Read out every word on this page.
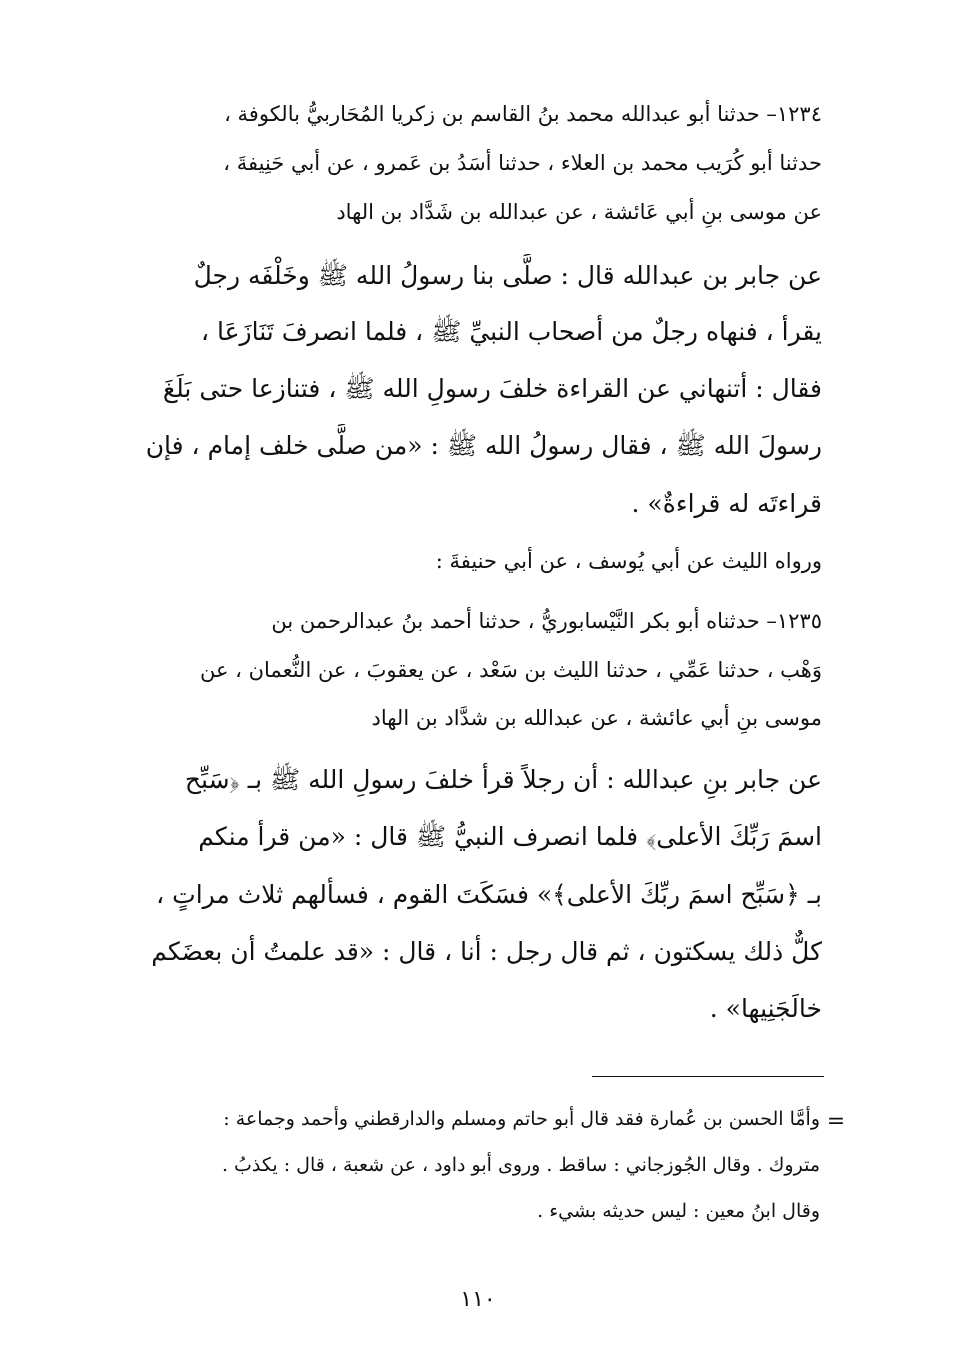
١٢٣٤– حدثنا أبو عبدالله محمد بنُ القاسم بن زكريا المُحَاربيُّ بالكوفة ،
حدثنا أبو كُرَيب محمد بن العلاء ، حدثنا أسَدُ بن عَمرو ، عن أبي حَنِيفةَ ،
عن موسى بنِ أبي عَائشة ، عن عبدالله بن شَدَّاد بن الهاد
عن جابر بن عبدالله قال : صلَّى بنا رسولُ الله ﷺ وخَلْفَه رجلٌ
يقرأ ، فنهاه رجلٌ من أصحاب النبيِّ ﷺ ، فلما انصرفَ تَنَازَعَا ،
فقال : أتنهاني عن القراءة خلفَ رسولِ الله ﷺ ، فتنازعا حتى بَلَغَ
رسولَ الله ﷺ ، فقال رسولُ الله ﷺ : «من صلَّى خلف إمام ، فإن
قراءتَه له قراءةٌ» .
ورواه الليث عن أبي يُوسف ، عن أبي حنيفةَ :
١٢٣٥– حدثناه أبو بكر النَّيْسابوريُّ ، حدثنا أحمد بنُ عبدالرحمن بن
وَهْب ، حدثنا عَمِّي ، حدثنا الليث بن سَعْد ، عن يعقوبَ ، عن النُّعمان ، عن
موسى بنِ أبي عائشة ، عن عبدالله بن شدَّاد بن الهاد
عن جابر بنِ عبدالله : أن رجلاً قرأ خلفَ رسولِ الله ﷺ بـ ﴿سَبِّح
اسمَ رَبِّكَ الأعلى﴾ فلما انصرف النبيُّ ﷺ قال : «من قرأ منكم
بـ ﴿سَبِّح اسمَ ربِّكَ الأعلى﴾» فسَكَتَ القوم ، فسألهم ثلاث مراتٍ ،
كلٌّ ذلك يسكتون ، ثم قال رجل : أنا ، قال : «قد علمتُ أن بعضَكم
خالَجَنِيها» .
=
وأمَّا الحسن بن عُمارة فقد قال أبو حاتم ومسلم والدارقطني وأحمد وجماعة :
متروك . وقال الجُوزجاني : ساقط . وروى أبو داود ، عن شعبة ، قال : يكذبُ .
وقال ابنُ معين : ليس حديثه بشيء .
١١٠
